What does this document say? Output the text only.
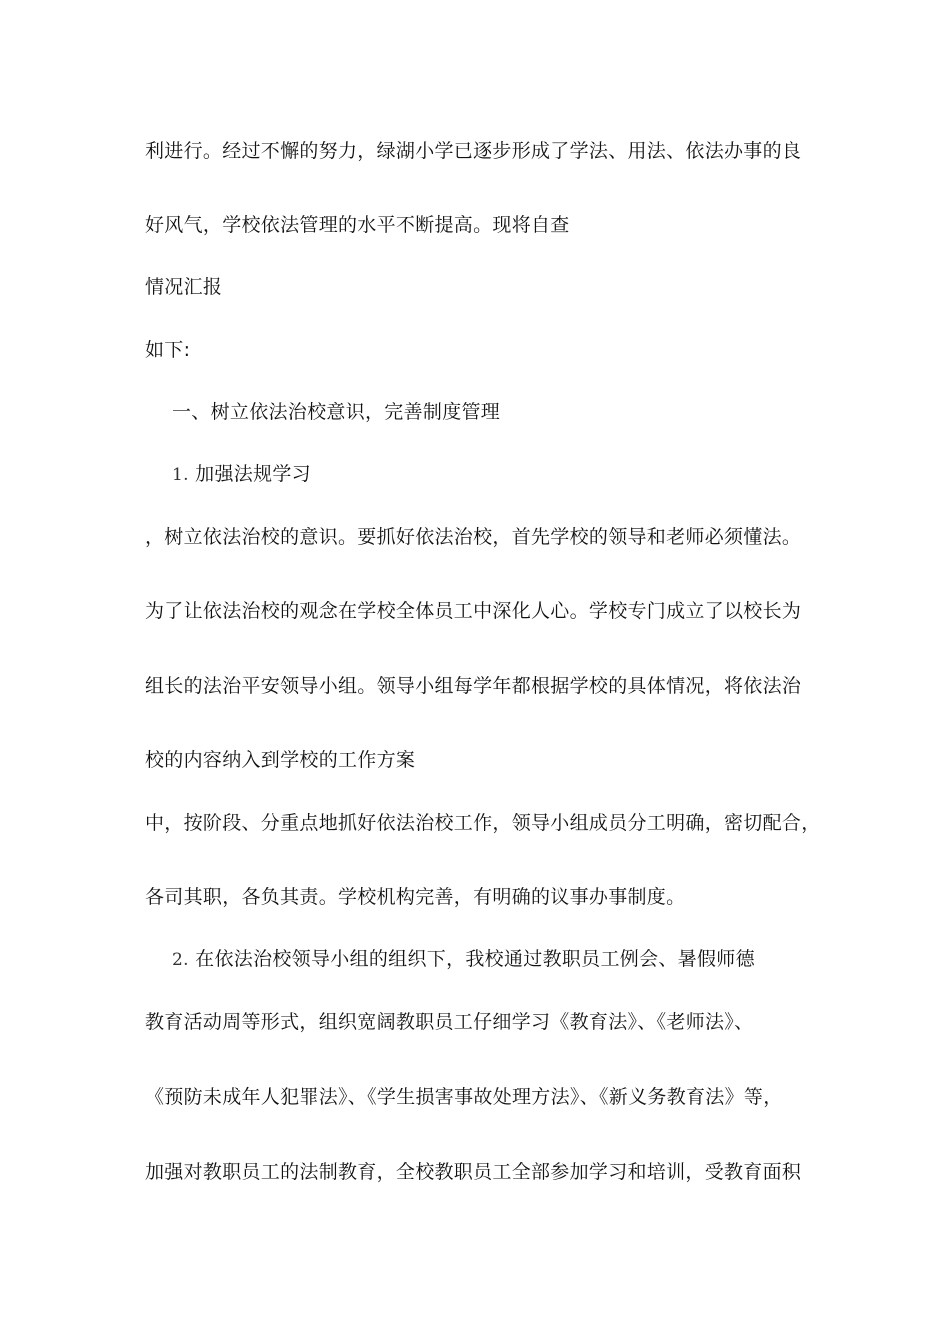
利进行。经过不懈的努力，绿湖小学已逐步形成了学法、用法、依法办事的良
好风气，学校依法管理的水平不断提高。现将自查
情况汇报
如下:
一、树立依法治校意识，完善制度管理
1. 加强法规学习
，树立依法治校的意识。要抓好依法治校，首先学校的领导和老师必须懂法。
为了让依法治校的观念在学校全体员工中深化人心。学校专门成立了以校长为
组长的法治平安领导小组。领导小组每学年都根据学校的具体情况，将依法治
校的内容纳入到学校的工作方案
中，按阶段、分重点地抓好依法治校工作，领导小组成员分工明确，密切配合，
各司其职，各负其责。学校机构完善，有明确的议事办事制度。
2. 在依法治校领导小组的组织下，我校通过教职员工例会、暑假师德
教育活动周等形式，组织宽阔教职员工仔细学习《教育法》、《老师法》、
《预防未成年人犯罪法》、《学生损害事故处理方法》、《新义务教育法》等，
加强对教职员工的法制教育，全校教职员工全部参加学习和培训，受教育面积
